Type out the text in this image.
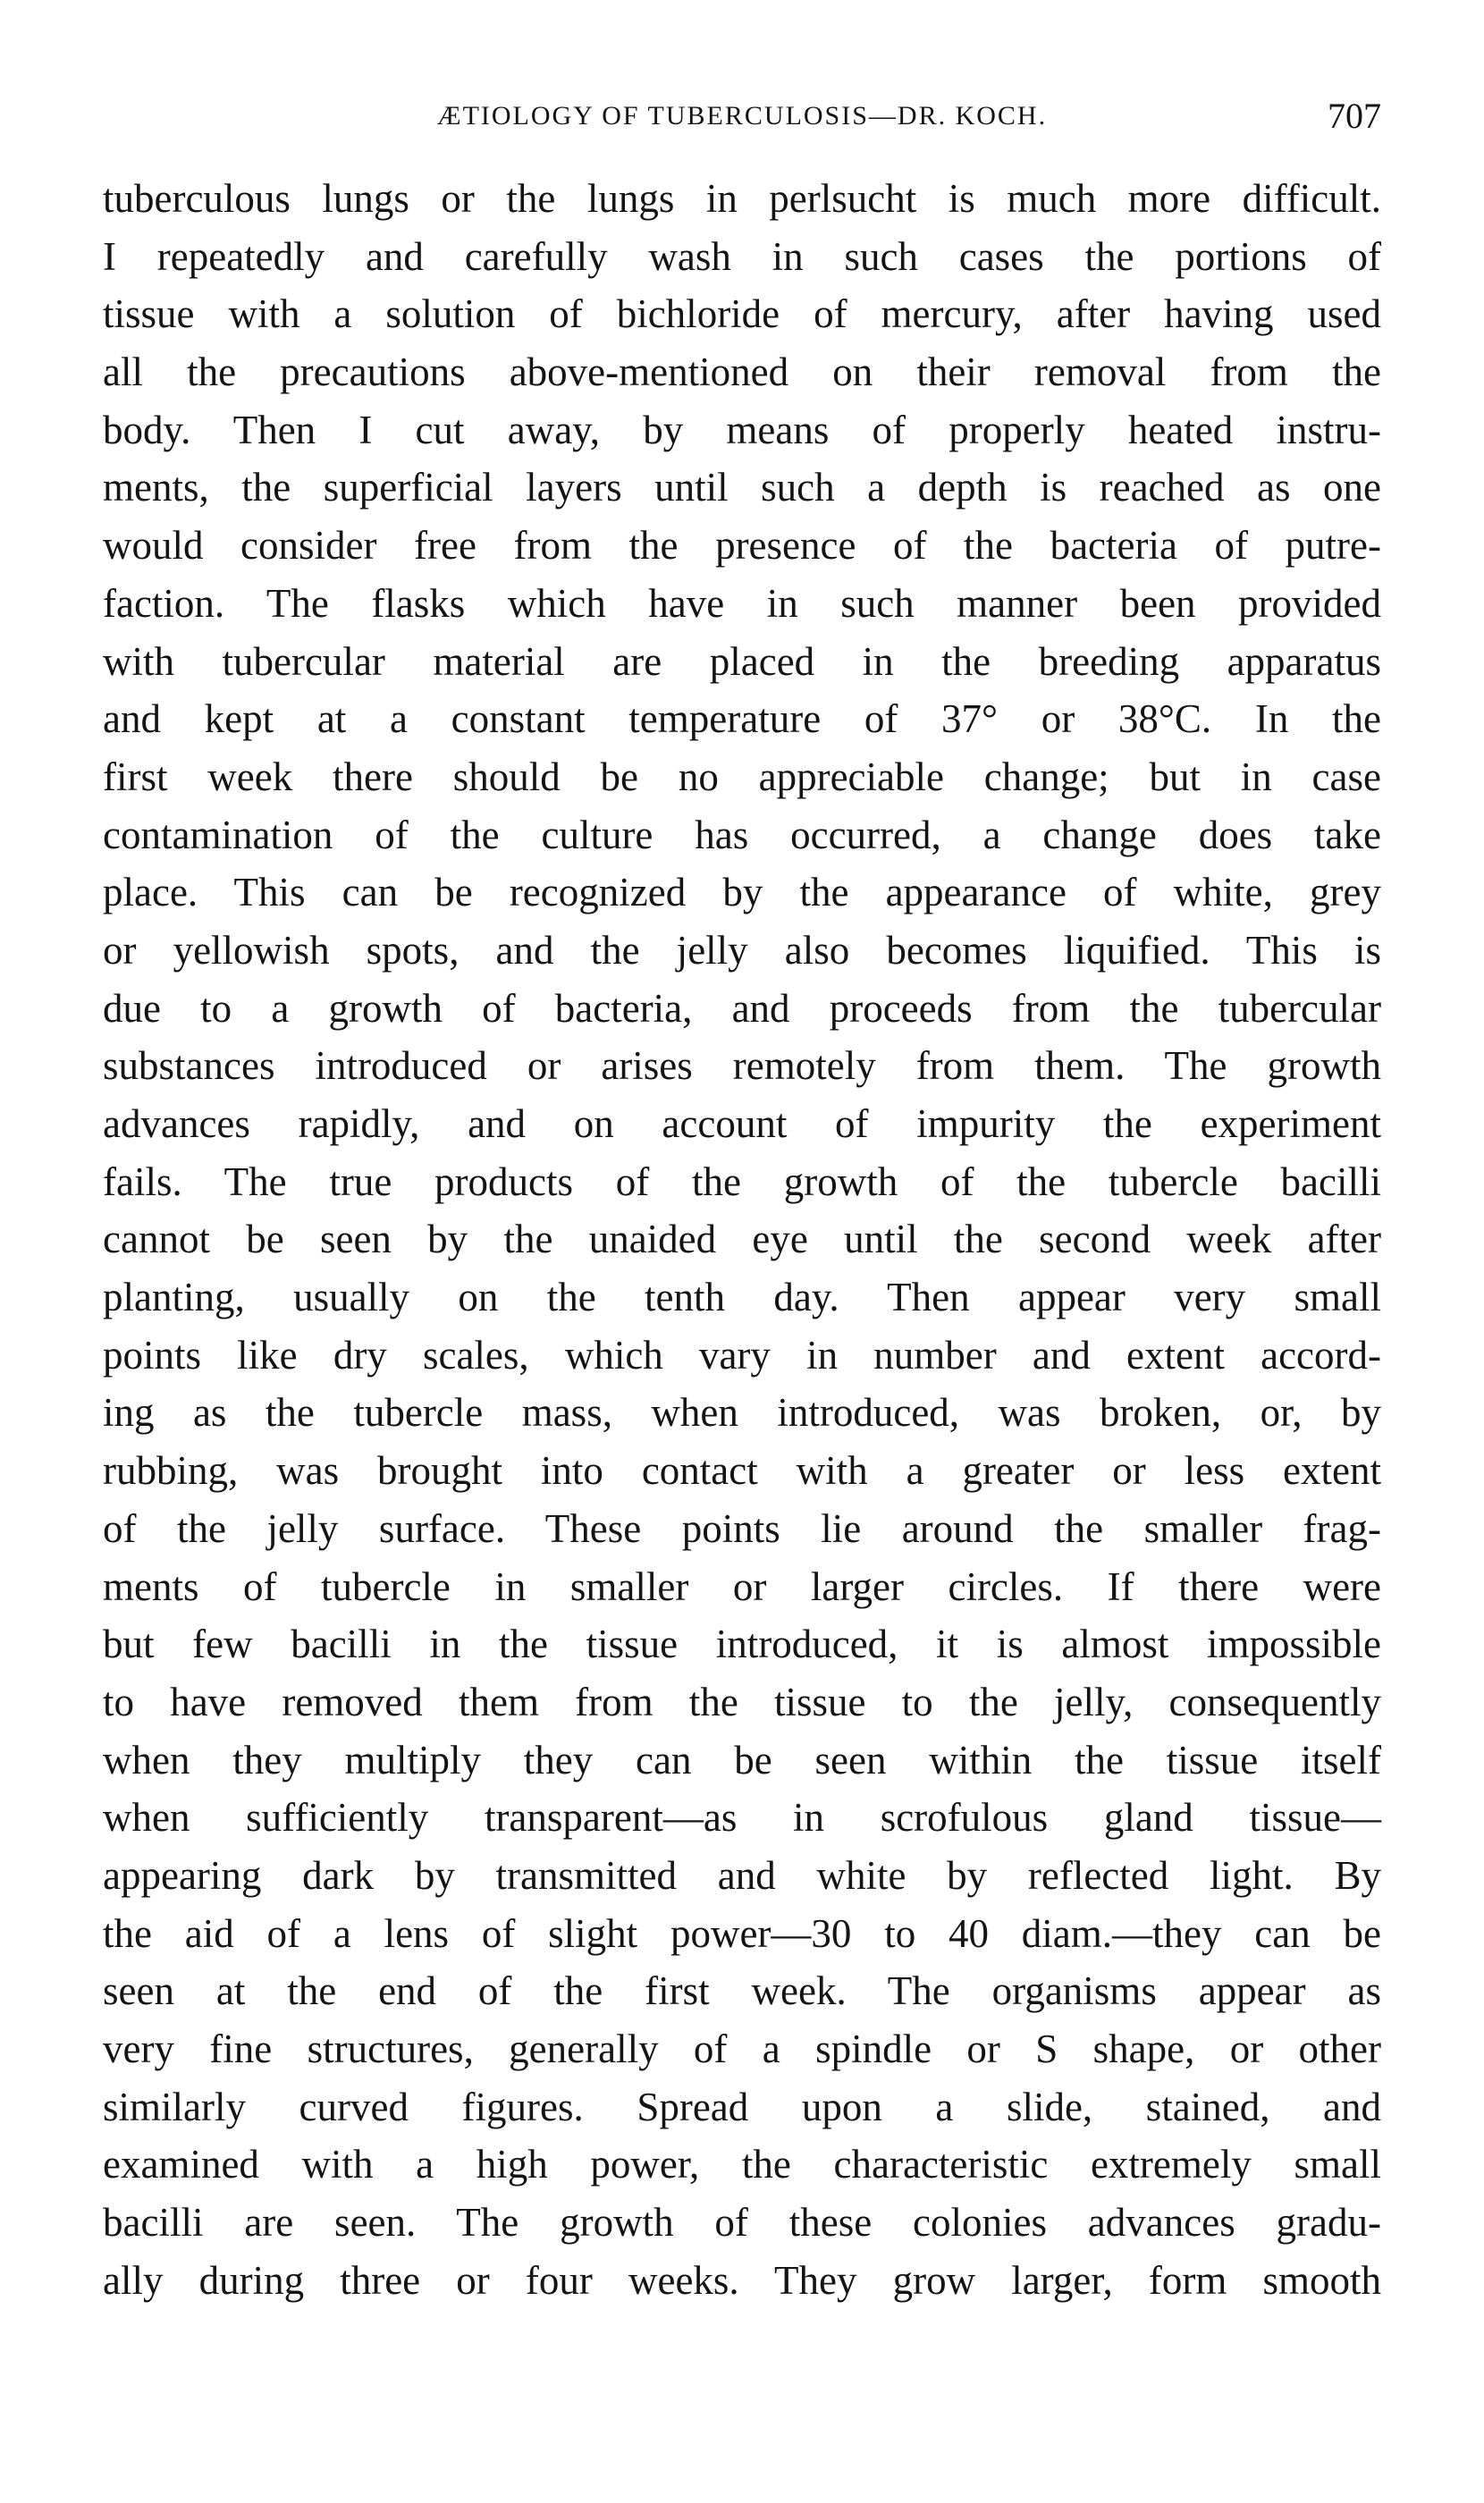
ÆTIOLOGY OF TUBERCULOSIS—DR. KOCH.	707
tuberculous lungs or the lungs in perlsucht is much more difficult.
I repeatedly and carefully wash in such cases the portions of
tissue with a solution of bichloride of mercury, after having used
all the precautions above-mentioned on their removal from the
body. Then I cut away, by means of properly heated instru-
ments, the superficial layers until such a depth is reached as one
would consider free from the presence of the bacteria of putre-
faction. The flasks which have in such manner been provided
with tubercular material are placed in the breeding apparatus
and kept at a constant temperature of 37° or 38°C. In the
first week there should be no appreciable change; but in case
contamination of the culture has occurred, a change does take
place. This can be recognized by the appearance of white, grey
or yellowish spots, and the jelly also becomes liquified. This is
due to a growth of bacteria, and proceeds from the tubercular
substances introduced or arises remotely from them. The growth
advances rapidly, and on account of impurity the experiment
fails. The true products of the growth of the tubercle bacilli
cannot be seen by the unaided eye until the second week after
planting, usually on the tenth day. Then appear very small
points like dry scales, which vary in number and extent accord-
ing as the tubercle mass, when introduced, was broken, or, by
rubbing, was brought into contact with a greater or less extent
of the jelly surface. These points lie around the smaller frag-
ments of tubercle in smaller or larger circles. If there were
but few bacilli in the tissue introduced, it is almost impossible
to have removed them from the tissue to the jelly, consequently
when they multiply they can be seen within the tissue itself
when sufficiently transparent—as in scrofulous gland tissue—
appearing dark by transmitted and white by reflected light. By
the aid of a lens of slight power—30 to 40 diam.—they can be
seen at the end of the first week. The organisms appear as
very fine structures, generally of a spindle or S shape, or other
similarly curved figures. Spread upon a slide, stained, and
examined with a high power, the characteristic extremely small
bacilli are seen. The growth of these colonies advances gradu-
ally during three or four weeks. They grow larger, form smooth
